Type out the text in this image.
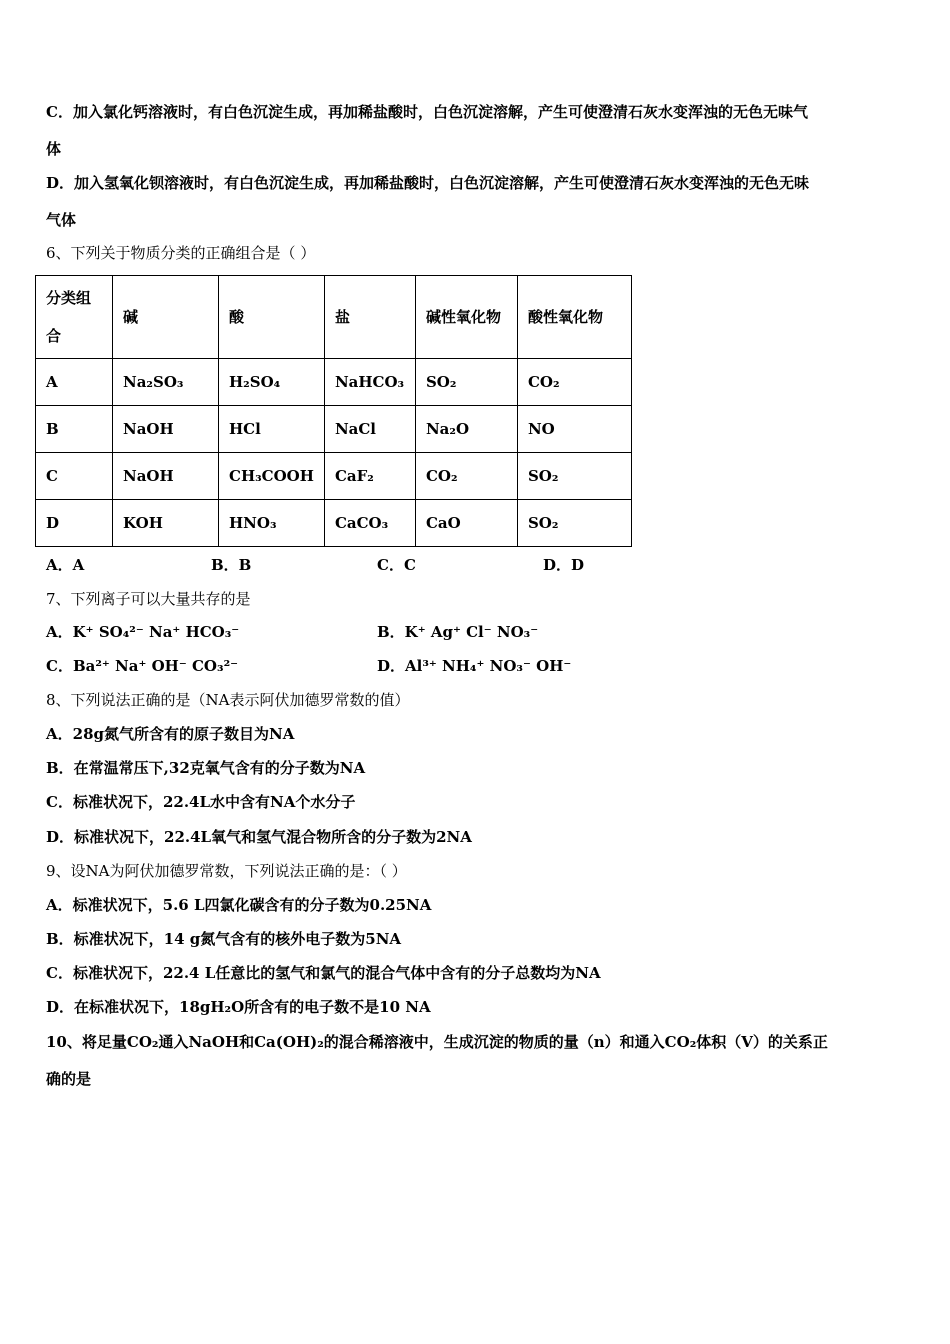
C．加入氯化钙溶液时，有白色沉淀生成，再加稀盐酸时，白色沉淀溶解，产生可使澄清石灰水变浑浊的无色无味气
体
D．加入氢氧化钡溶液时，有白色沉淀生成，再加稀盐酸时，白色沉淀溶解，产生可使澄清石灰水变浑浊的无色无味
气体
6、下列关于物质分类的正确组合是（ ）
分类组合	碱	酸	盐	碱性氧化物	酸性氧化物
A	Na₂SO₃	H₂SO₄	NaHCO₃	SO₂	CO₂
B	NaOH	HCl	NaCl	Na₂O	NO
C	NaOH	CH₃COOH	CaF₂	CO₂	SO₂
D	KOH	HNO₃	CaCO₃	CaO	SO₂
A．A	B．B	C．C	D．D
7、下列离子可以大量共存的是
A．K⁺ SO₄²⁻ Na⁺ HCO₃⁻	B．K⁺ Ag⁺ Cl⁻ NO₃⁻
C．Ba²⁺ Na⁺ OH⁻ CO₃²⁻	D．Al³⁺ NH₄⁺ NO₃⁻ OH⁻
8、下列说法正确的是（NA表示阿伏加德罗常数的值）
A．28g氮气所含有的原子数目为NA
B．在常温常压下,32克氧气含有的分子数为NA
C．标准状况下，22.4L水中含有NA个水分子
D．标准状况下，22.4L氧气和氢气混合物所含的分子数为2NA
9、设NA为阿伏加德罗常数，下列说法正确的是：（ ）
A．标准状况下，5.6 L四氯化碳含有的分子数为0.25NA
B．标准状况下，14 g氮气含有的核外电子数为5NA
C．标准状况下，22.4 L任意比的氢气和氯气的混合气体中含有的分子总数均为NA
D．在标准状况下，18gH₂O所含有的电子数不是10 NA
10、将足量CO₂通入NaOH和Ca(OH)₂的混合稀溶液中，生成沉淀的物质的量（n）和通入CO₂体积（V）的关系正
确的是
